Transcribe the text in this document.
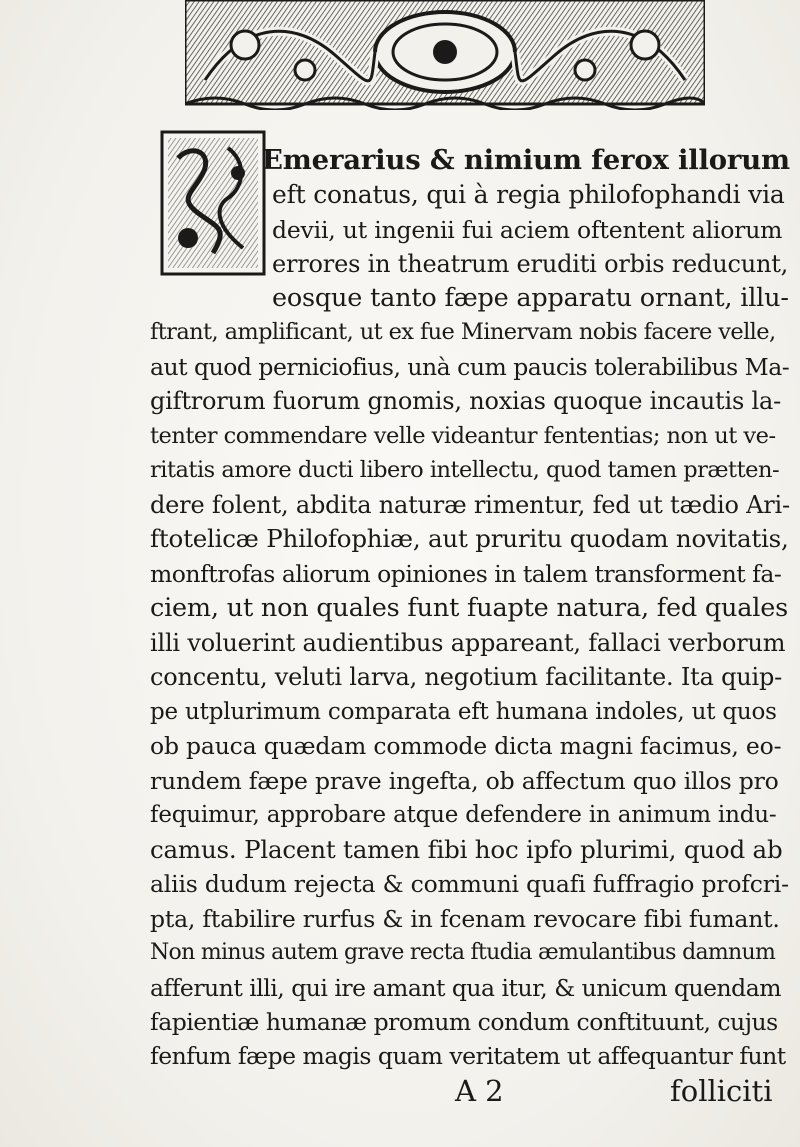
Emerarius & nimium ferox illorum
eft conatus, qui à regia philofophandi via
devii, ut ingenii fui aciem oftentent aliorum
errores in theatrum eruditi orbis reducunt,
eosque tanto fæpe apparatu ornant, illu-
ftrant, amplificant, ut ex fue Minervam nobis facere velle,
aut quod perniciofius, unà cum paucis tolerabilibus Ma-
giftrorum fuorum gnomis, noxias quoque incautis la-
tenter commendare velle videantur fententias; non ut ve-
ritatis amore ducti libero intellectu, quod tamen prætten-
dere folent, abdita naturæ rimentur, fed ut tædio Ari-
ftotelicæ Philofophiæ, aut pruritu quodam novitatis,
monftrofas aliorum opiniones in talem transforment fa-
ciem, ut non quales funt fuapte natura, fed quales
illi voluerint audientibus appareant, fallaci verborum
concentu, veluti larva, negotium facilitante. Ita quip-
pe utplurimum comparata eft humana indoles, ut quos
ob pauca quædam commode dicta magni facimus, eo-
rundem fæpe prave ingefta, ob affectum quo illos pro
fequimur, approbare atque defendere in animum indu-
camus. Placent tamen fibi hoc ipfo plurimi, quod ab
aliis dudum rejecta & communi quafi fuffragio profcri-
pta, ftabilire rurfus & in fcenam revocare fibi fumant.
Non minus autem grave recta ftudia æmulantibus damnum
afferunt illi, qui ire amant qua itur, & unicum quendam
fapientiæ humanæ promum condum conftituunt, cujus
fenfum fæpe magis quam veritatem ut affequantur funt
A 2	folliciti
